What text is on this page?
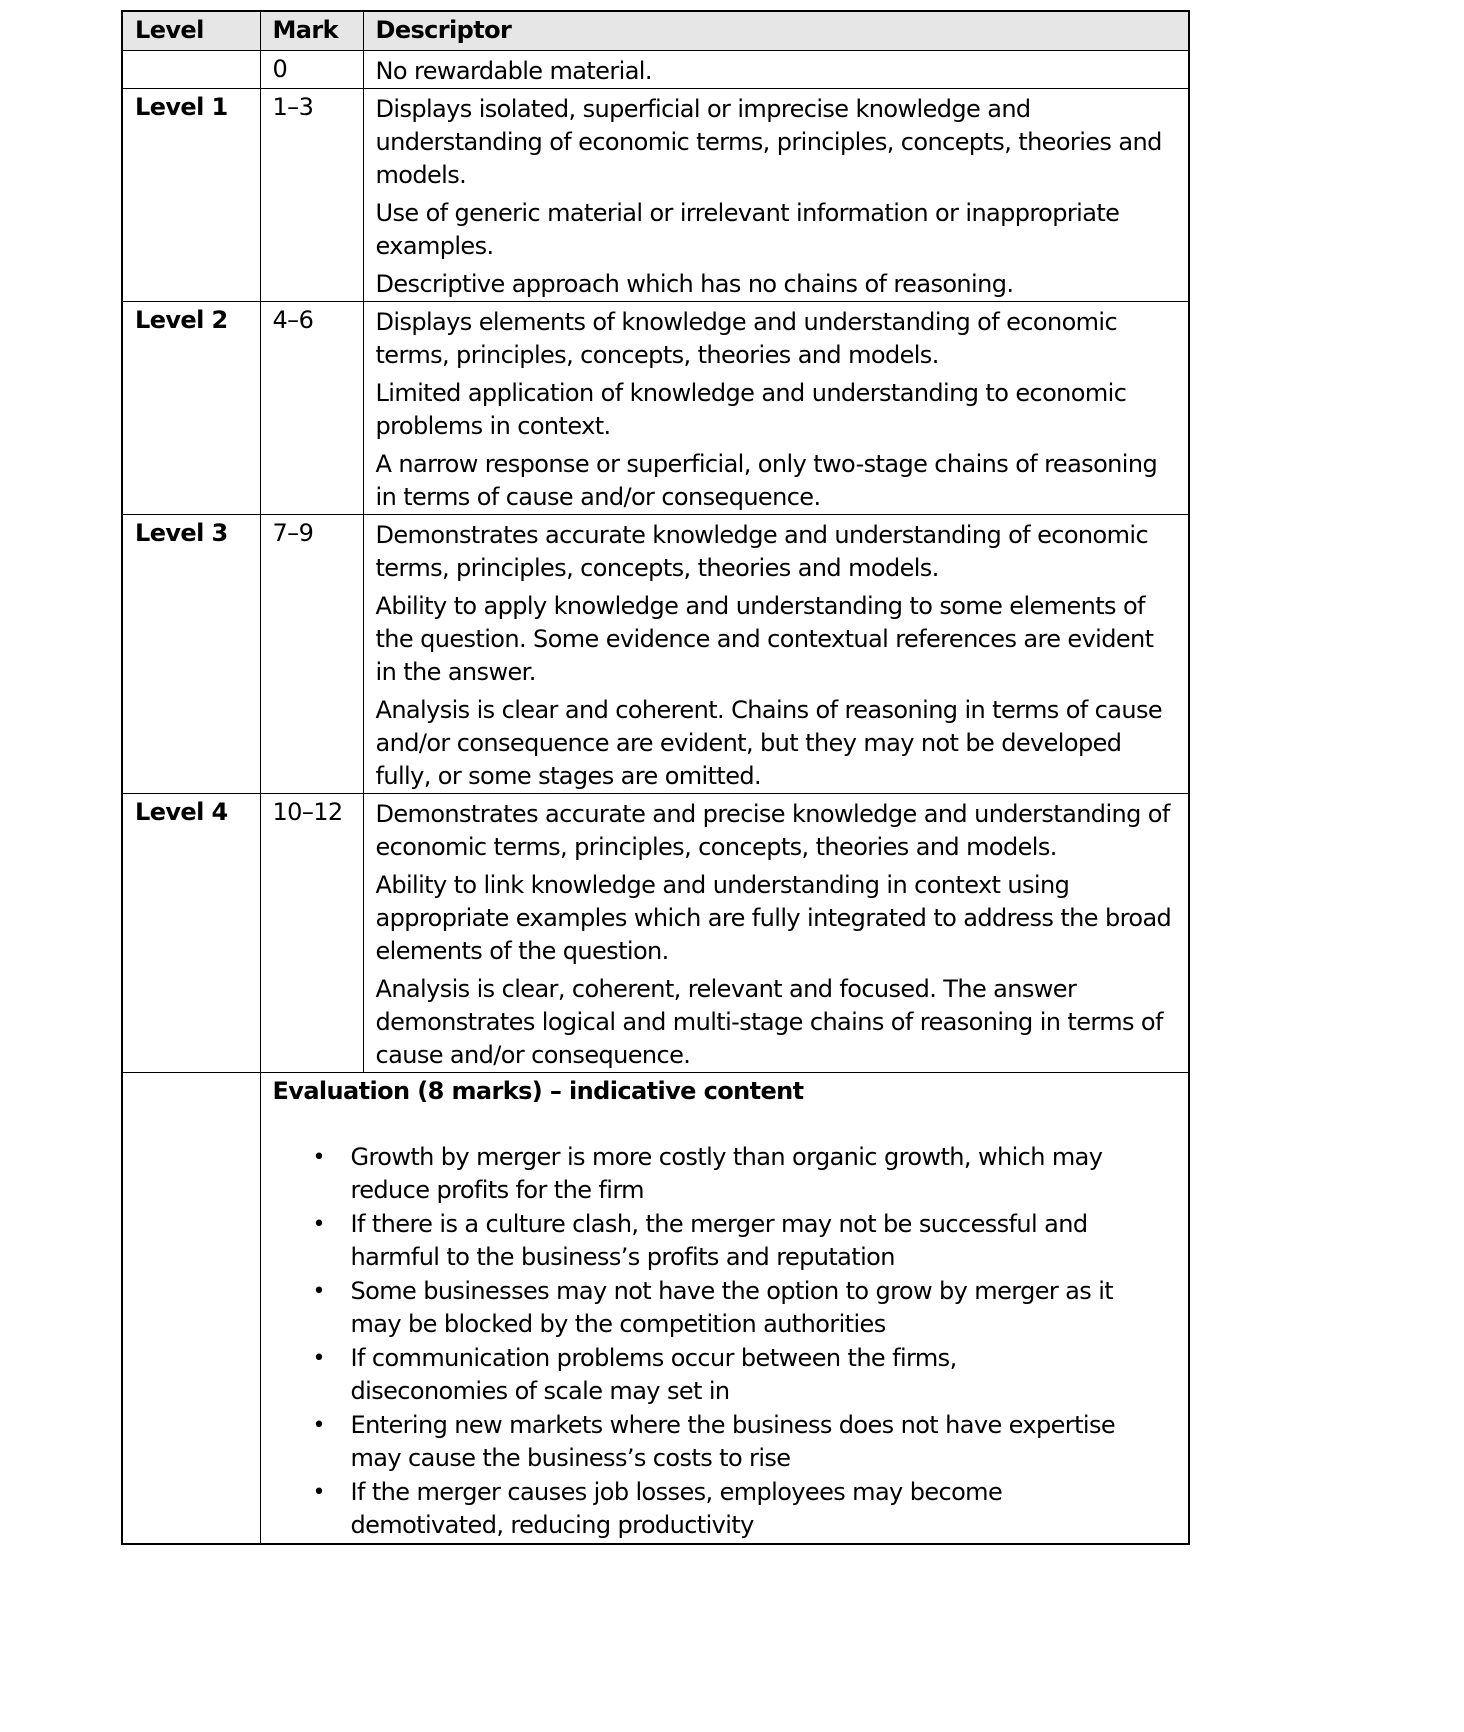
Level	Mark	Descriptor
	0	No rewardable material.

Level 1	1–3	Displays isolated, superficial or imprecise knowledge and understanding of economic terms, principles, concepts, theories and models.

Use of generic material or irrelevant information or inappropriate examples.

Descriptive approach which has no chains of reasoning.

Level 2	4–6	Displays elements of knowledge and understanding of economic terms, principles, concepts, theories and models.

Limited application of knowledge and understanding to economic problems in context.

A narrow response or superficial, only two-stage chains of reasoning in terms of cause and/or consequence.

Level 3	7–9	Demonstrates accurate knowledge and understanding of economic terms, principles, concepts, theories and models.

Ability to apply knowledge and understanding to some elements of the question. Some evidence and contextual references are evident in the answer.

Analysis is clear and coherent. Chains of reasoning in terms of cause and/or consequence are evident, but they may not be developed fully, or some stages are omitted.

Level 4	10–12	Demonstrates accurate and precise knowledge and understanding of economic terms, principles, concepts, theories and models.

Ability to link knowledge and understanding in context using appropriate examples which are fully integrated to address the broad elements of the question.

Analysis is clear, coherent, relevant and focused. The answer demonstrates logical and multi-stage chains of reasoning in terms of cause and/or consequence.

Evaluation (8 marks) – indicative content
• Growth by merger is more costly than organic growth, which may reduce profits for the firm
• If there is a culture clash, the merger may not be successful and harmful to the business’s profits and reputation
• Some businesses may not have the option to grow by merger as it may be blocked by the competition authorities
• If communication problems occur between the firms, diseconomies of scale may set in
• Entering new markets where the business does not have expertise may cause the business’s costs to rise
• If the merger causes job losses, employees may become demotivated, reducing productivity
